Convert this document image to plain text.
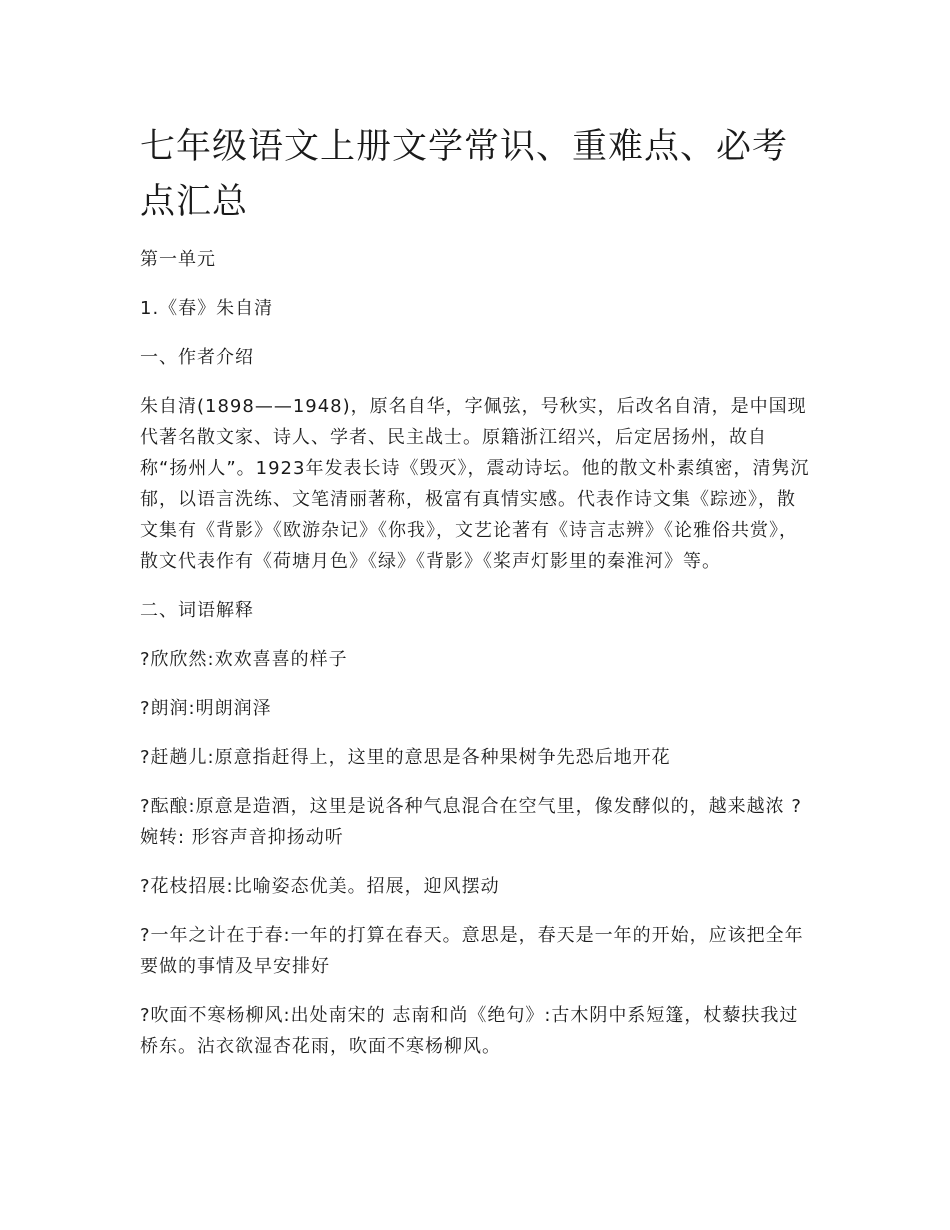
七年级语文上册文学常识、重难点、必考点汇总

第一单元

1.《春》朱自清

一、作者介绍

朱自清(1898——1948)，原名自华，字佩弦，号秋实，后改名自清，是中国现代著名散文家、诗人、学者、民主战士。原籍浙江绍兴，后定居扬州，故自称“扬州人”。1923年发表长诗《毁灭》，震动诗坛。他的散文朴素缜密，清隽沉郁，以语言洗练、文笔清丽著称，极富有真情实感。代表作诗文集《踪迹》，散文集有《背影》《欧游杂记》《你我》，文艺论著有《诗言志辨》《论雅俗共赏》，散文代表作有《荷塘月色》《绿》《背影》《桨声灯影里的秦淮河》等。

二、词语解释

?欣欣然:欢欢喜喜的样子

?朗润:明朗润泽

?赶趟儿:原意指赶得上，这里的意思是各种果树争先恐后地开花

?酝酿:原意是造酒，这里是说各种气息混合在空气里，像发酵似的，越来越浓 ?婉转: 形容声音抑扬动听

?花枝招展:比喻姿态优美。招展，迎风摆动

?一年之计在于春:一年的打算在春天。意思是，春天是一年的开始，应该把全年要做的事情及早安排好

?吹面不寒杨柳风:出处南宋的 志南和尚《绝句》:古木阴中系短篷，杖藜扶我过桥东。沾衣欲湿杏花雨，吹面不寒杨柳风。
